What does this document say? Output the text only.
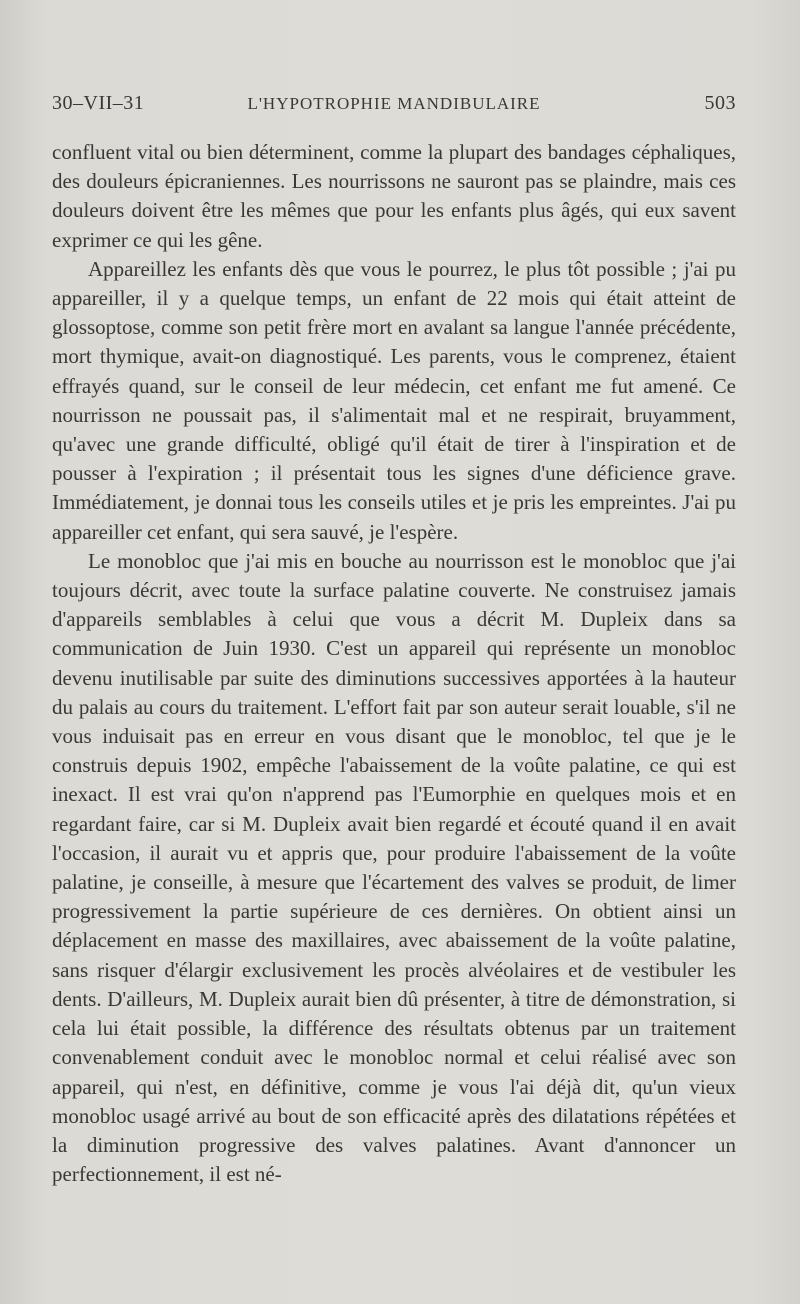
30–VII–31	L'HYPOTROPHIE MANDIBULAIRE	503

confluent vital ou bien déterminent, comme la plupart des bandages céphaliques, des douleurs épicraniennes. Les nourrissons ne sauront pas se plaindre, mais ces douleurs doivent être les mêmes que pour les enfants plus âgés, qui eux savent exprimer ce qui les gêne.

Appareillez les enfants dès que vous le pourrez, le plus tôt possible ; j'ai pu appareiller, il y a quelque temps, un enfant de 22 mois qui était atteint de glossoptose, comme son petit frère mort en avalant sa langue l'année précédente, mort thymique, avait-on diagnostiqué. Les parents, vous le comprenez, étaient effrayés quand, sur le conseil de leur médecin, cet enfant me fut amené. Ce nourrisson ne poussait pas, il s'alimentait mal et ne respirait, bruyamment, qu'avec une grande difficulté, obligé qu'il était de tirer à l'inspiration et de pousser à l'expiration ; il présentait tous les signes d'une déficience grave. Immédiatement, je donnai tous les conseils utiles et je pris les empreintes. J'ai pu appareiller cet enfant, qui sera sauvé, je l'espère.

Le monobloc que j'ai mis en bouche au nourrisson est le monobloc que j'ai toujours décrit, avec toute la surface palatine couverte. Ne construisez jamais d'appareils semblables à celui que vous a décrit M. Dupleix dans sa communication de Juin 1930. C'est un appareil qui représente un monobloc devenu inutilisable par suite des diminutions successives apportées à la hauteur du palais au cours du traitement. L'effort fait par son auteur serait louable, s'il ne vous induisait pas en erreur en vous disant que le monobloc, tel que je le construis depuis 1902, empêche l'abaissement de la voûte palatine, ce qui est inexact. Il est vrai qu'on n'apprend pas l'Eumorphie en quelques mois et en regardant faire, car si M. Dupleix avait bien regardé et écouté quand il en avait l'occasion, il aurait vu et appris que, pour produire l'abaissement de la voûte palatine, je conseille, à mesure que l'écartement des valves se produit, de limer progressivement la partie supérieure de ces dernières. On obtient ainsi un déplacement en masse des maxillaires, avec abaissement de la voûte palatine, sans risquer d'élargir exclusivement les procès alvéolaires et de vestibuler les dents. D'ailleurs, M. Dupleix aurait bien dû présenter, à titre de démonstration, si cela lui était possible, la différence des résultats obtenus par un traitement convenablement conduit avec le monobloc normal et celui réalisé avec son appareil, qui n'est, en définitive, comme je vous l'ai déjà dit, qu'un vieux monobloc usagé arrivé au bout de son efficacité après des dilatations répétées et la diminution progressive des valves palatines. Avant d'annoncer un perfectionnement, il est né-
